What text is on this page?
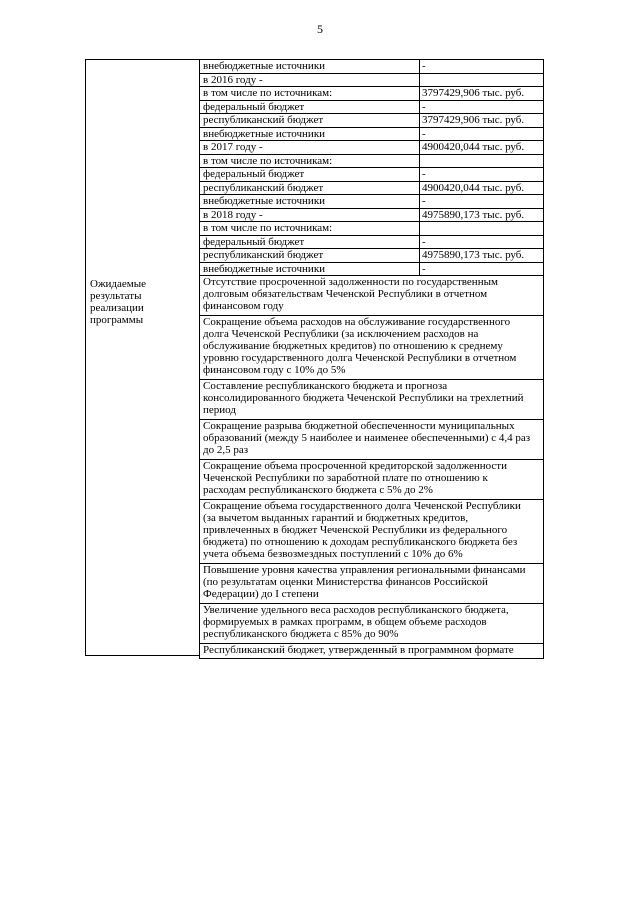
5
Ожидаемые
результаты
реализации
программы
внебюджетные источники	-
в 2016 году -
в том числе по источникам:	3797429,906 тыс. руб.
федеральный бюджет	-
республиканский бюджет	3797429,906 тыс. руб.
внебюджетные источники	-
в 2017 году -	4900420,044 тыс. руб.
в том числе по источникам:
федеральный бюджет	-
республиканский бюджет	4900420,044 тыс. руб.
внебюджетные источники	-
в 2018 году -	4975890,173 тыс. руб.
в том числе по источникам:
федеральный бюджет	-
республиканский бюджет	4975890,173 тыс. руб.
внебюджетные источники	-
Отсутствие просроченной задолженности по государственным
долговым обязательствам Чеченской Республики в отчетном
финансовом году
Сокращение объема расходов на обслуживание государственного
долга Чеченской Республики (за исключением расходов на
обслуживание бюджетных кредитов) по отношению к среднему
уровню государственного долга Чеченской Республики в отчетном
финансовом году с 10% до 5%
Составление республиканского бюджета и прогноза
консолидированного бюджета Чеченской Республики на трехлетний
период
Сокращение разрыва бюджетной обеспеченности муниципальных
образований (между 5 наиболее и наименее обеспеченными) с 4,4 раз
до 2,5 раз
Сокращение объема просроченной кредиторской задолженности
Чеченской Республики по заработной плате по отношению к
расходам республиканского бюджета с 5% до 2%
Сокращение объема государственного долга Чеченской Республики
(за вычетом выданных гарантий и бюджетных кредитов,
привлеченных в бюджет Чеченской Республики из федерального
бюджета) по отношению к доходам республиканского бюджета без
учета объема безвозмездных поступлений с 10% до 6%
Повышение уровня качества управления региональными финансами
(по результатам оценки Министерства финансов Российской
Федерации) до I степени
Увеличение удельного веса расходов республиканского бюджета,
формируемых в рамках программ, в общем объеме расходов
республиканского бюджета с 85% до 90%
Республиканский бюджет, утвержденный в программном формате
